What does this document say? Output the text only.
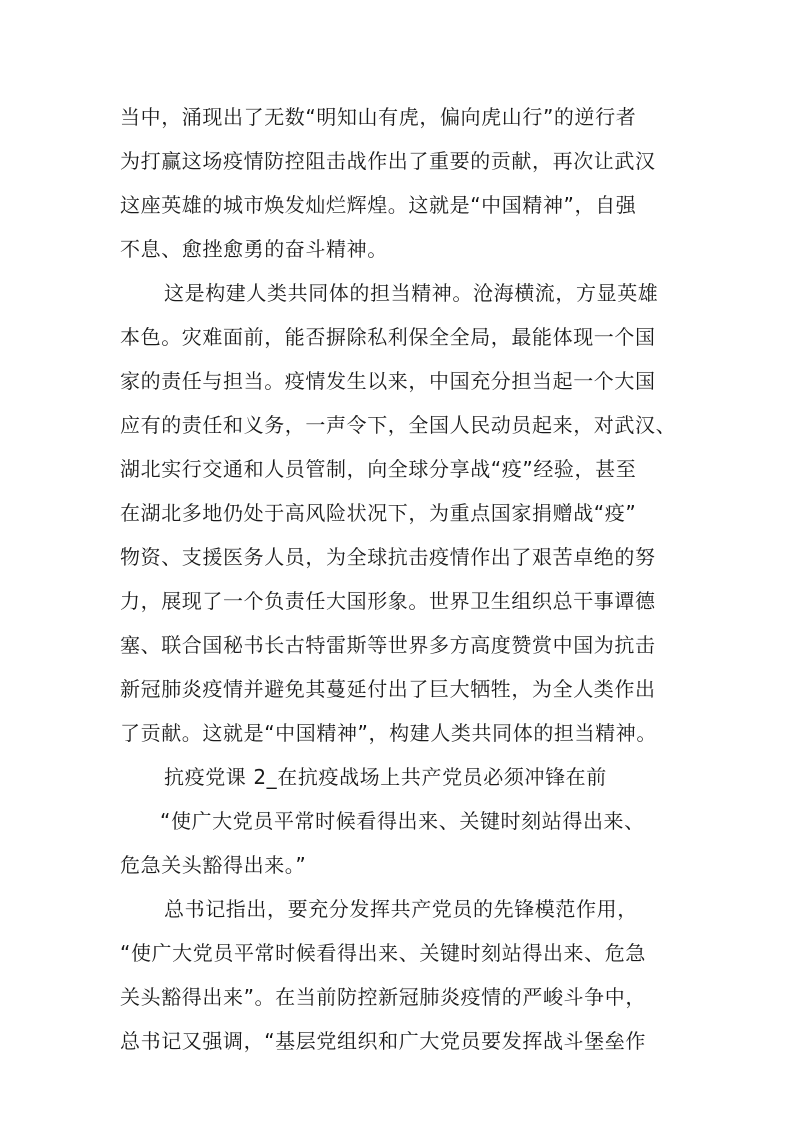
当中，涌现出了无数“明知山有虎，偏向虎山行”的逆行者
为打赢这场疫情防控阻击战作出了重要的贡献，再次让武汉
这座英雄的城市焕发灿烂辉煌。这就是“中国精神”，自强
不息、愈挫愈勇的奋斗精神。
这是构建人类共同体的担当精神。沧海横流，方显英雄
本色。灾难面前，能否摒除私利保全全局，最能体现一个国
家的责任与担当。疫情发生以来，中国充分担当起一个大国
应有的责任和义务，一声令下，全国人民动员起来，对武汉、
湖北实行交通和人员管制，向全球分享战“疫”经验，甚至
在湖北多地仍处于高风险状况下，为重点国家捐赠战“疫”
物资、支援医务人员，为全球抗击疫情作出了艰苦卓绝的努
力，展现了一个负责任大国形象。世界卫生组织总干事谭德
塞、联合国秘书长古特雷斯等世界多方高度赞赏中国为抗击
新冠肺炎疫情并避免其蔓延付出了巨大牺牲，为全人类作出
了贡献。这就是“中国精神”，构建人类共同体的担当精神。
抗疫党课 2_在抗疫战场上共产党员必须冲锋在前
“使广大党员平常时候看得出来、关键时刻站得出来、
危急关头豁得出来。”
总书记指出，要充分发挥共产党员的先锋模范作用，
“使广大党员平常时候看得出来、关键时刻站得出来、危急
关头豁得出来”。在当前防控新冠肺炎疫情的严峻斗争中，
总书记又强调，“基层党组织和广大党员要发挥战斗堡垒作
